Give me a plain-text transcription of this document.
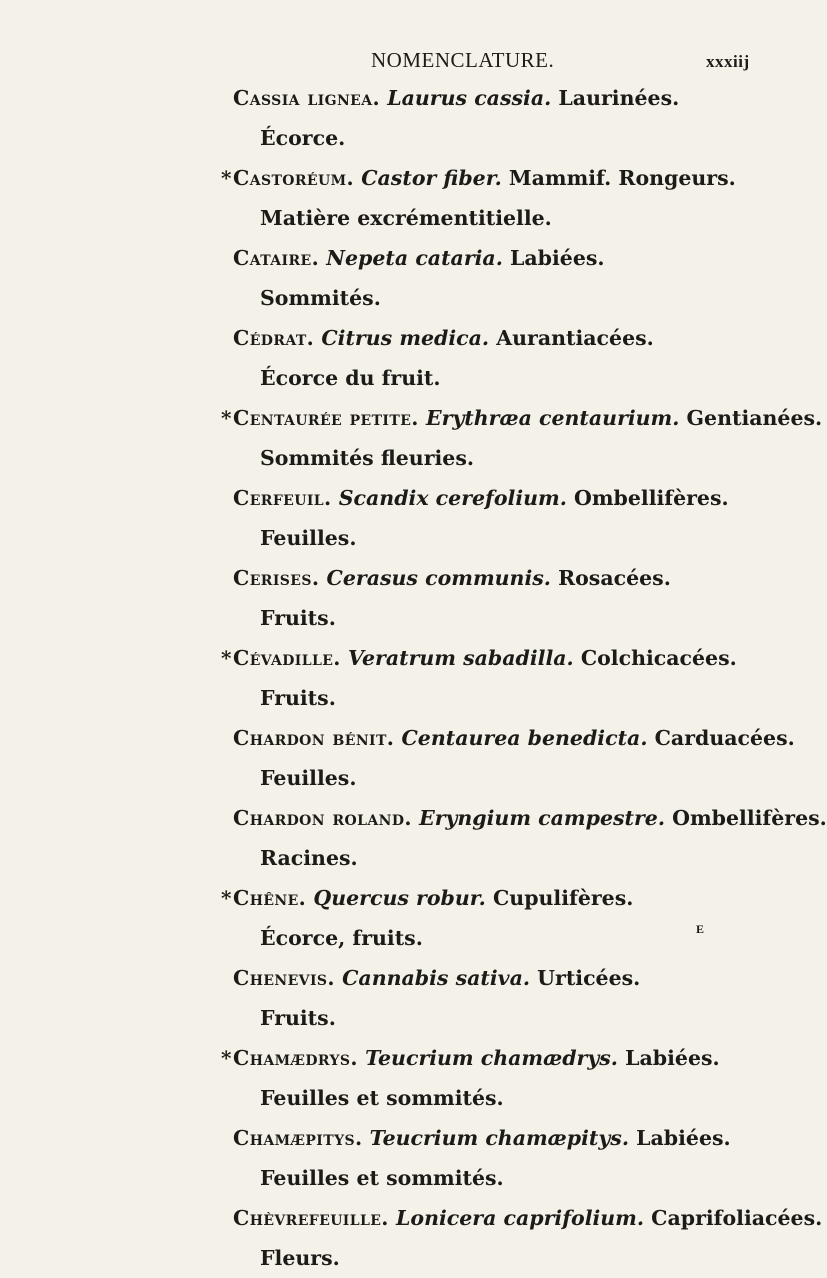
NOMENCLATURE.	xxxiij
Cassia lignea. Laurus cassia. Laurinées.
Écorce.
*Castoréum. Castor fiber. Mammif. Rongeurs.
Matière excrémentitielle.
Cataire. Nepeta cataria. Labiées.
Sommités.
Cédrat. Citrus medica. Aurantiacées.
Écorce du fruit.
*Centaurée petite. Erythræa centaurium. Gentianées.
Sommités fleuries.
Cerfeuil. Scandix cerefolium. Ombellifères.
Feuilles.
Cerises. Cerasus communis. Rosacées.
Fruits.
*Cévadille. Veratrum sabadilla. Colchicacées.
Fruits.
Chardon bénit. Centaurea benedicta. Carduacées.
Feuilles.
Chardon roland. Eryngium campestre. Ombellifères.
Racines.
*Chêne. Quercus robur. Cupulifères.
Écorce, fruits.
Chenevis. Cannabis sativa. Urticées.
Fruits.
*Chamædrys. Teucrium chamædrys. Labiées.
Feuilles et sommités.
Chamæpitys. Teucrium chamæpitys. Labiées.
Feuilles et sommités.
Chèvrefeuille. Lonicera caprifolium. Caprifoliacées.
Fleurs.
E
